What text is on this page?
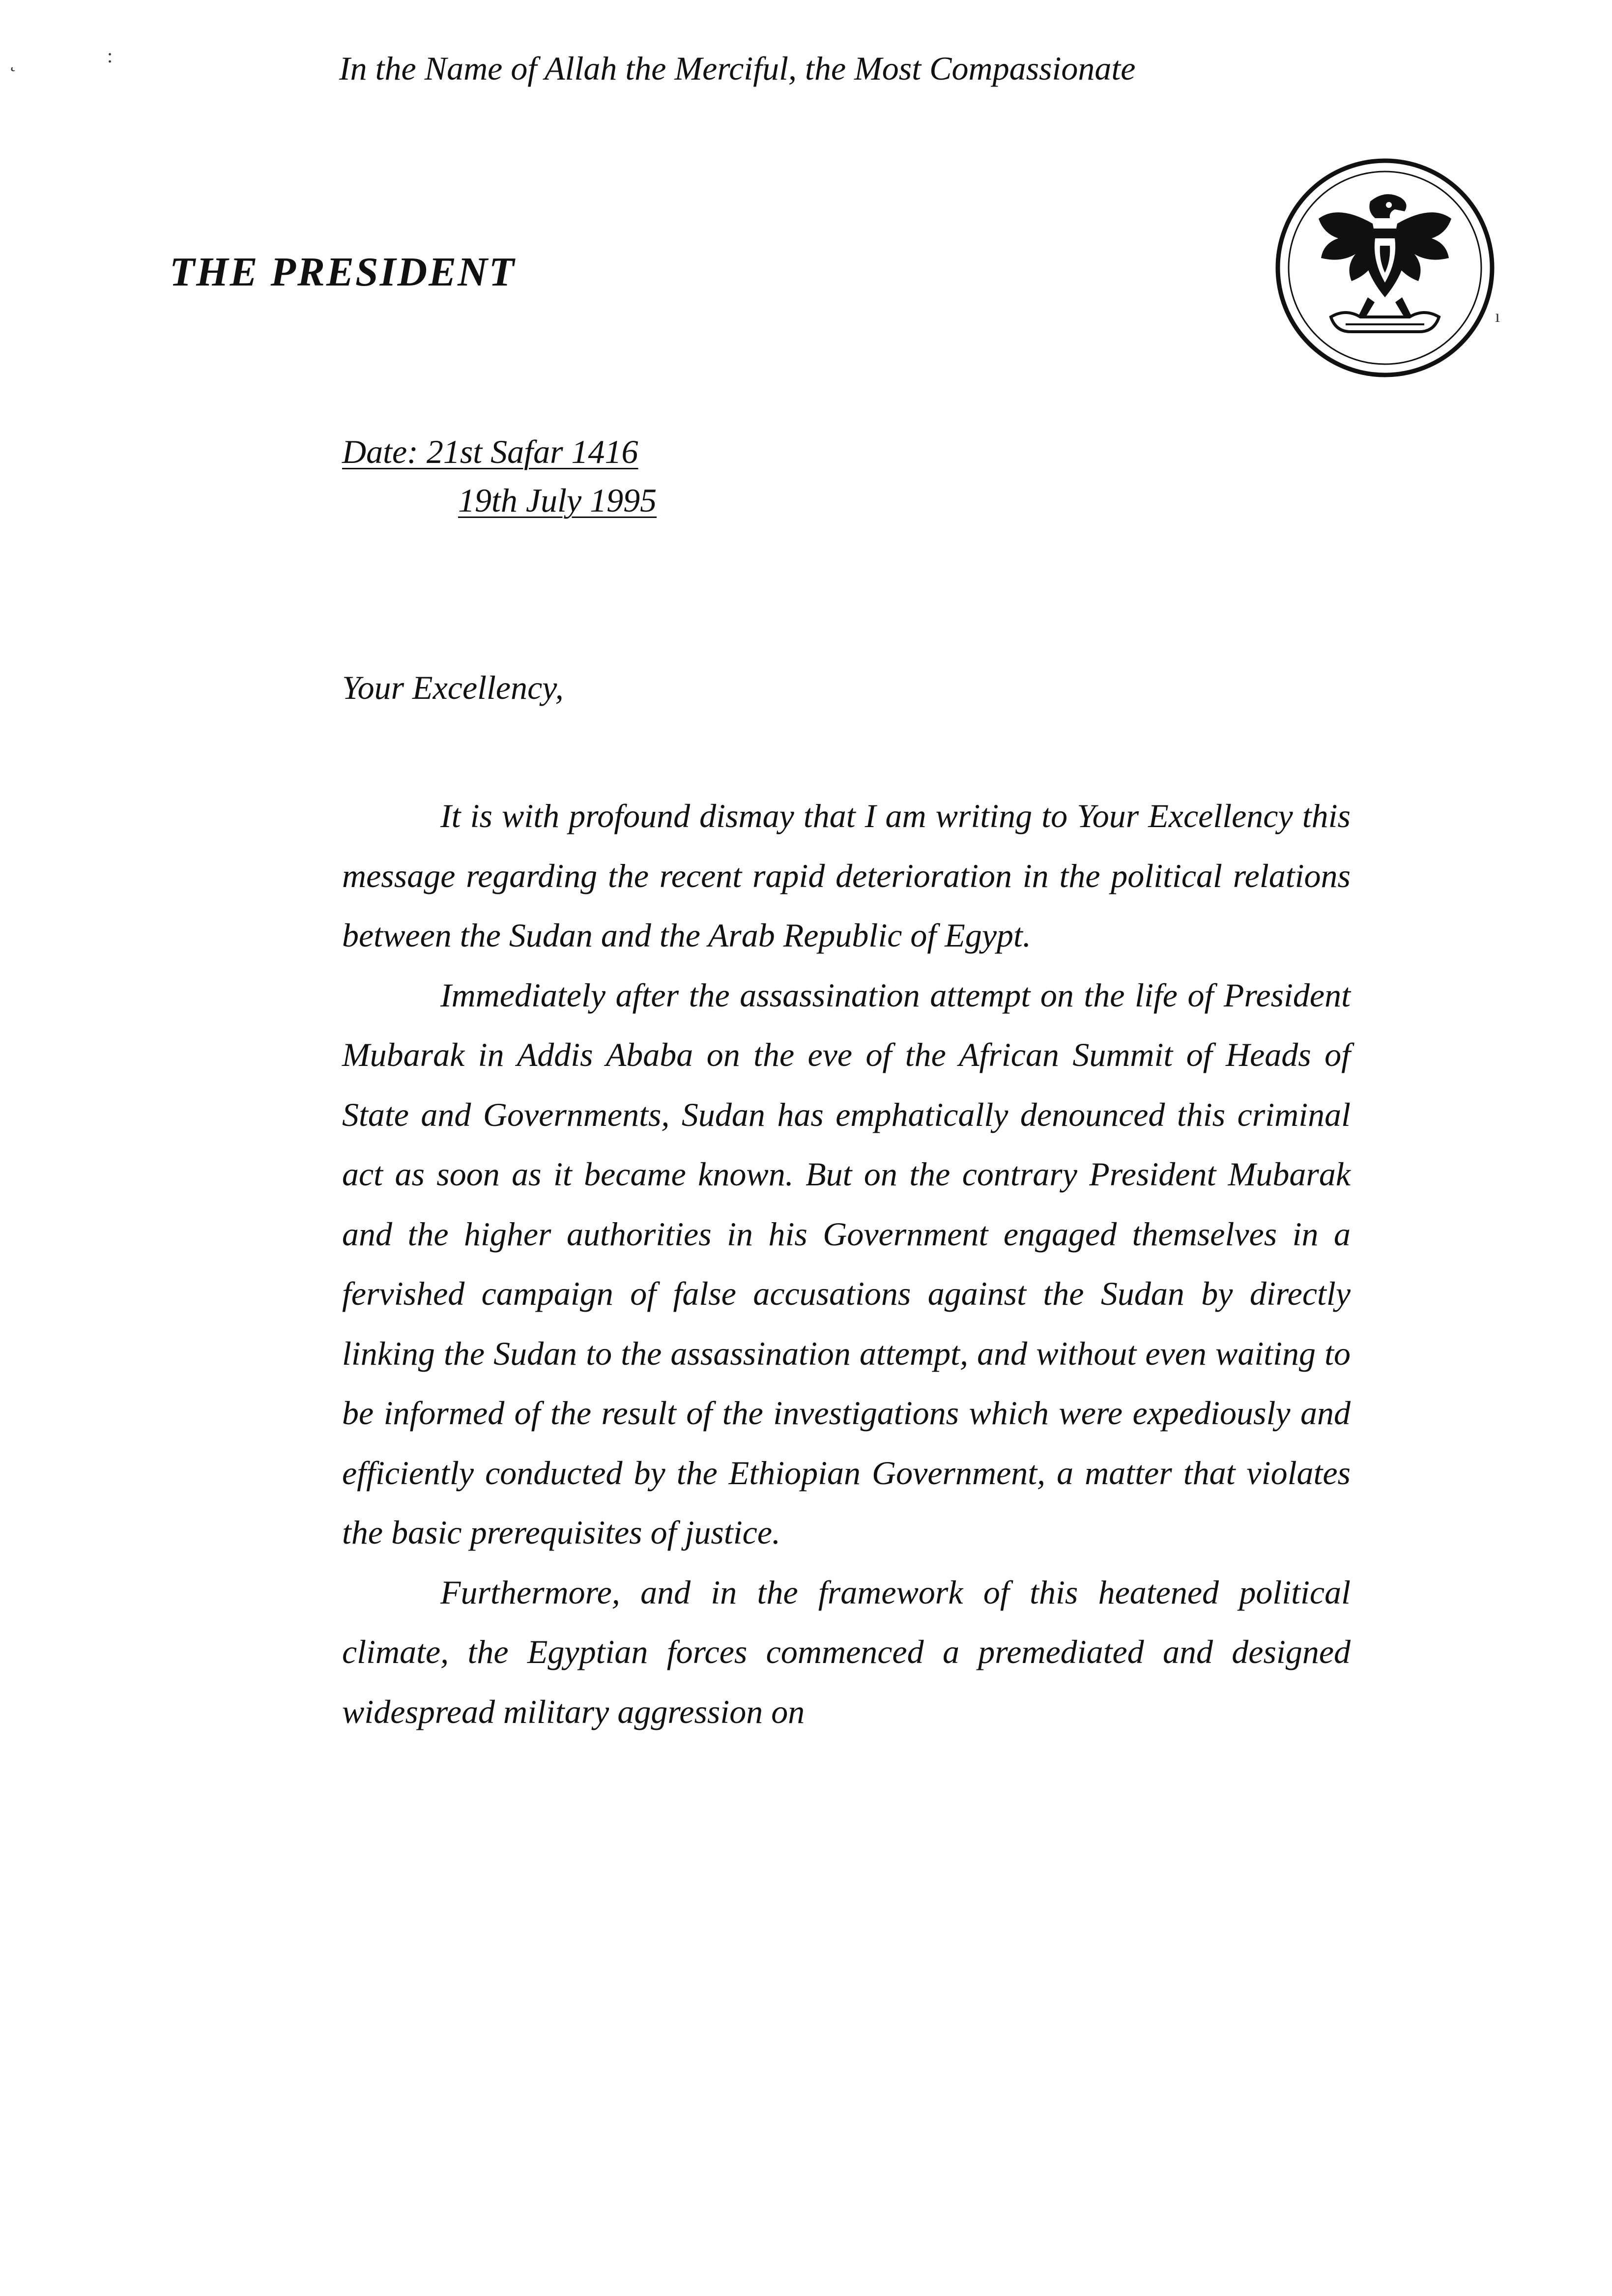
˛	:	In the Name of Allah the Merciful, the Most Compassionate
THE PRESIDENT
ı
Date: 21st Safar 1416
19th July 1995
Your Excellency,

It is with profound dismay that I am writing to Your Excellency this message regarding the recent rapid deterioration in the political relations between the Sudan and the Arab Republic of Egypt.

Immediately after the assassination attempt on the life of President Mubarak in Addis Ababa on the eve of the African Summit of Heads of State and Governments, Sudan has emphatically denounced this criminal act as soon as it became known. But on the contrary President Mubarak and the higher authorities in his Government engaged themselves in a fervished campaign of false accusations against the Sudan by directly linking the Sudan to the assassination attempt, and without even waiting to be informed of the result of the investigations which were expediously and efficiently conducted by the Ethiopian Government, a matter that violates the basic prerequisites of justice.

Furthermore, and in the framework of this heatened political climate, the Egyptian forces commenced a premediated and designed widespread military aggression on
